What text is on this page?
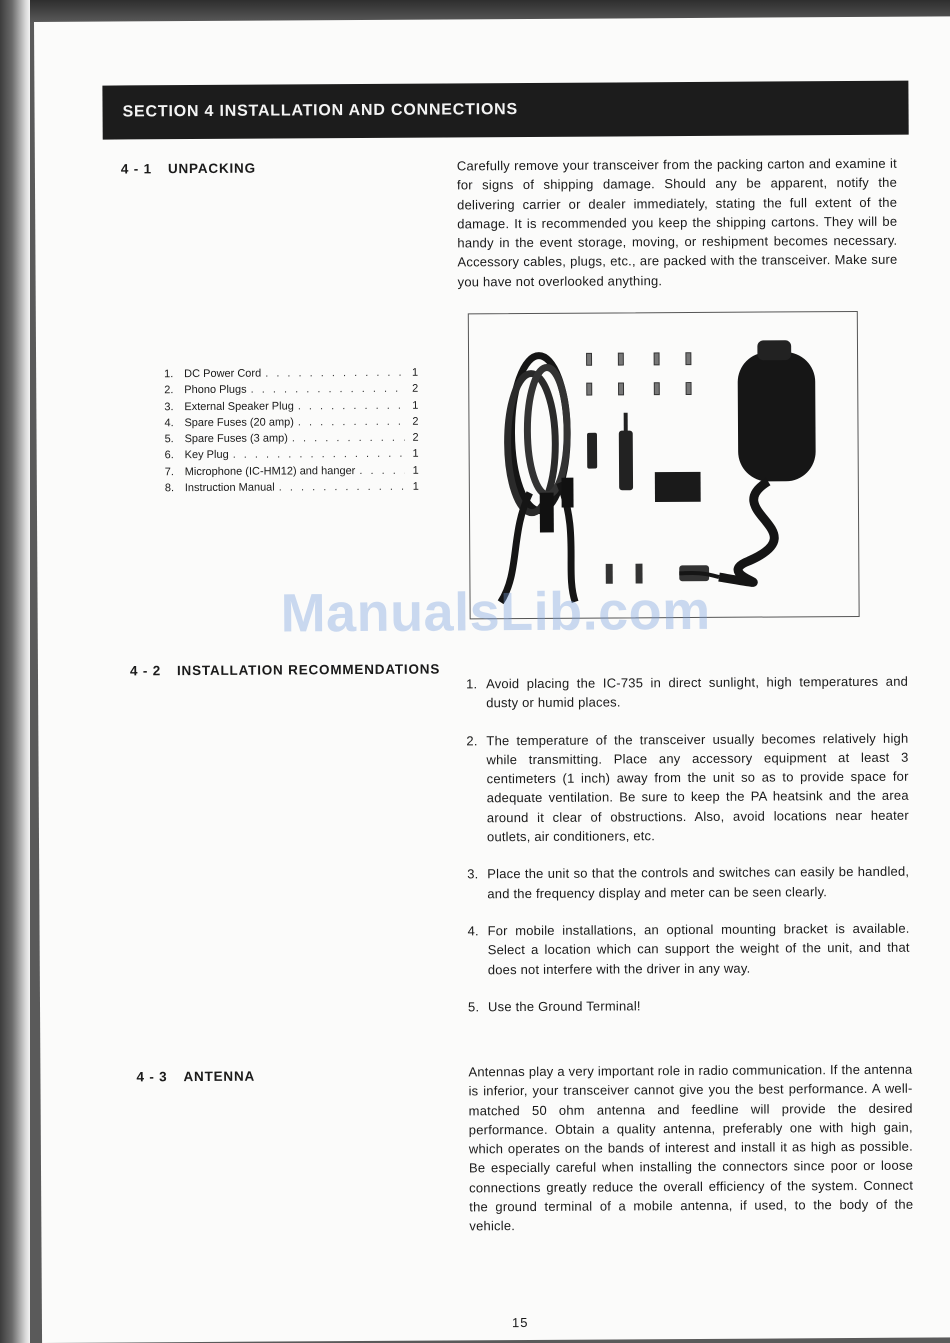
SECTION 4 INSTALLATION AND CONNECTIONS
4 - 1 UNPACKING	Carefully remove your transceiver from the packing carton and examine it for signs of shipping damage. Should any be apparent, notify the delivering carrier or dealer immediately, stating the full extent of the damage. It is recommended you keep the shipping cartons. They will be handy in the event storage, moving, or reshipment becomes necessary. Accessory cables, plugs, etc., are packed with the transceiver. Make sure you have not overlooked anything.
1. DC Power Cord . . .	1
2. Phono Plugs . . .	2
3. External Speaker Plug . . .	1
4. Spare Fuses (20 amp) . . .	2
5. Spare Fuses (3 amp) . . .	2
6. Key Plug . . .	1
7. Microphone (IC-HM12) and hanger . . .	1
8. Instruction Manual . . .	1
4 - 2 INSTALLATION RECOMMENDATIONS
1. Avoid placing the IC-735 in direct sunlight, high temperatures and dusty or humid places.
2. The temperature of the transceiver usually becomes relatively high while transmitting. Place any accessory equipment at least 3 centimeters (1 inch) away from the unit so as to provide space for adequate ventilation. Be sure to keep the PA heatsink and the area around it clear of obstructions. Also, avoid locations near heater outlets, air conditioners, etc.
3. Place the unit so that the controls and switches can easily be handled, and the frequency display and meter can be seen clearly.
4. For mobile installations, an optional mounting bracket is available. Select a location which can support the weight of the unit, and that does not interfere with the driver in any way.
5. Use the Ground Terminal!
4 - 3 ANTENNA	Antennas play a very important role in radio communication. If the antenna is inferior, your transceiver cannot give you the best performance. A well-matched 50 ohm antenna and feedline will provide the desired performance. Obtain a quality antenna, preferably one with high gain, which operates on the bands of interest and install it as high as possible. Be especially careful when installing the connectors since poor or loose connections greatly reduce the overall efficiency of the system. Connect the ground terminal of a mobile antenna, if used, to the body of the vehicle.
ManualsLib.com
15
